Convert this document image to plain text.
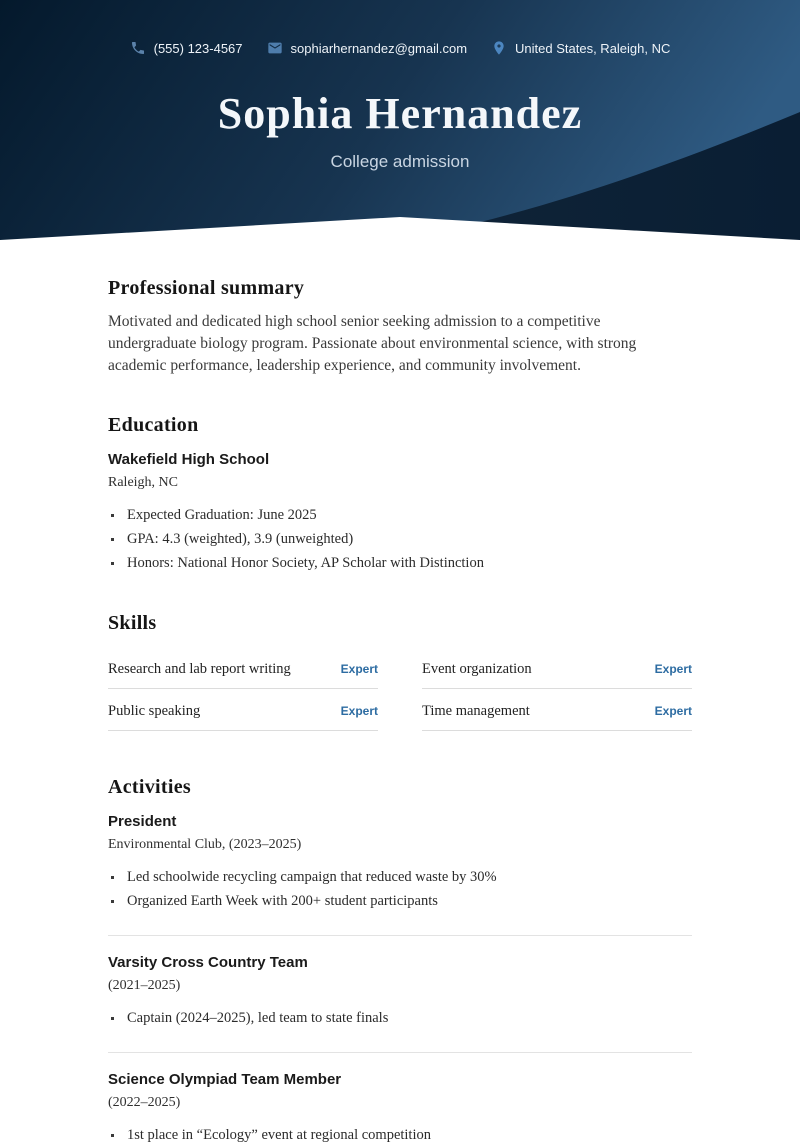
(555) 123-4567	sophiarhernandez@gmail.com	United States, Raleigh, NC
Sophia Hernandez
College admission
Professional summary
Motivated and dedicated high school senior seeking admission to a competitive undergraduate biology program. Passionate about environmental science, with strong academic performance, leadership experience, and community involvement.
Education
Wakefield High School
Raleigh, NC
Expected Graduation: June 2025
GPA: 4.3 (weighted), 3.9 (unweighted)
Honors: National Honor Society, AP Scholar with Distinction
Skills
Research and lab report writing	Expert	Event organization	Expert
Public speaking	Expert	Time management	Expert
Activities
President
Environmental Club, (2023–2025)
Led schoolwide recycling campaign that reduced waste by 30%
Organized Earth Week with 200+ student participants
Varsity Cross Country Team
(2021–2025)
Captain (2024–2025), led team to state finals
Science Olympiad Team Member
(2022–2025)
1st place in “Ecology” event at regional competition
